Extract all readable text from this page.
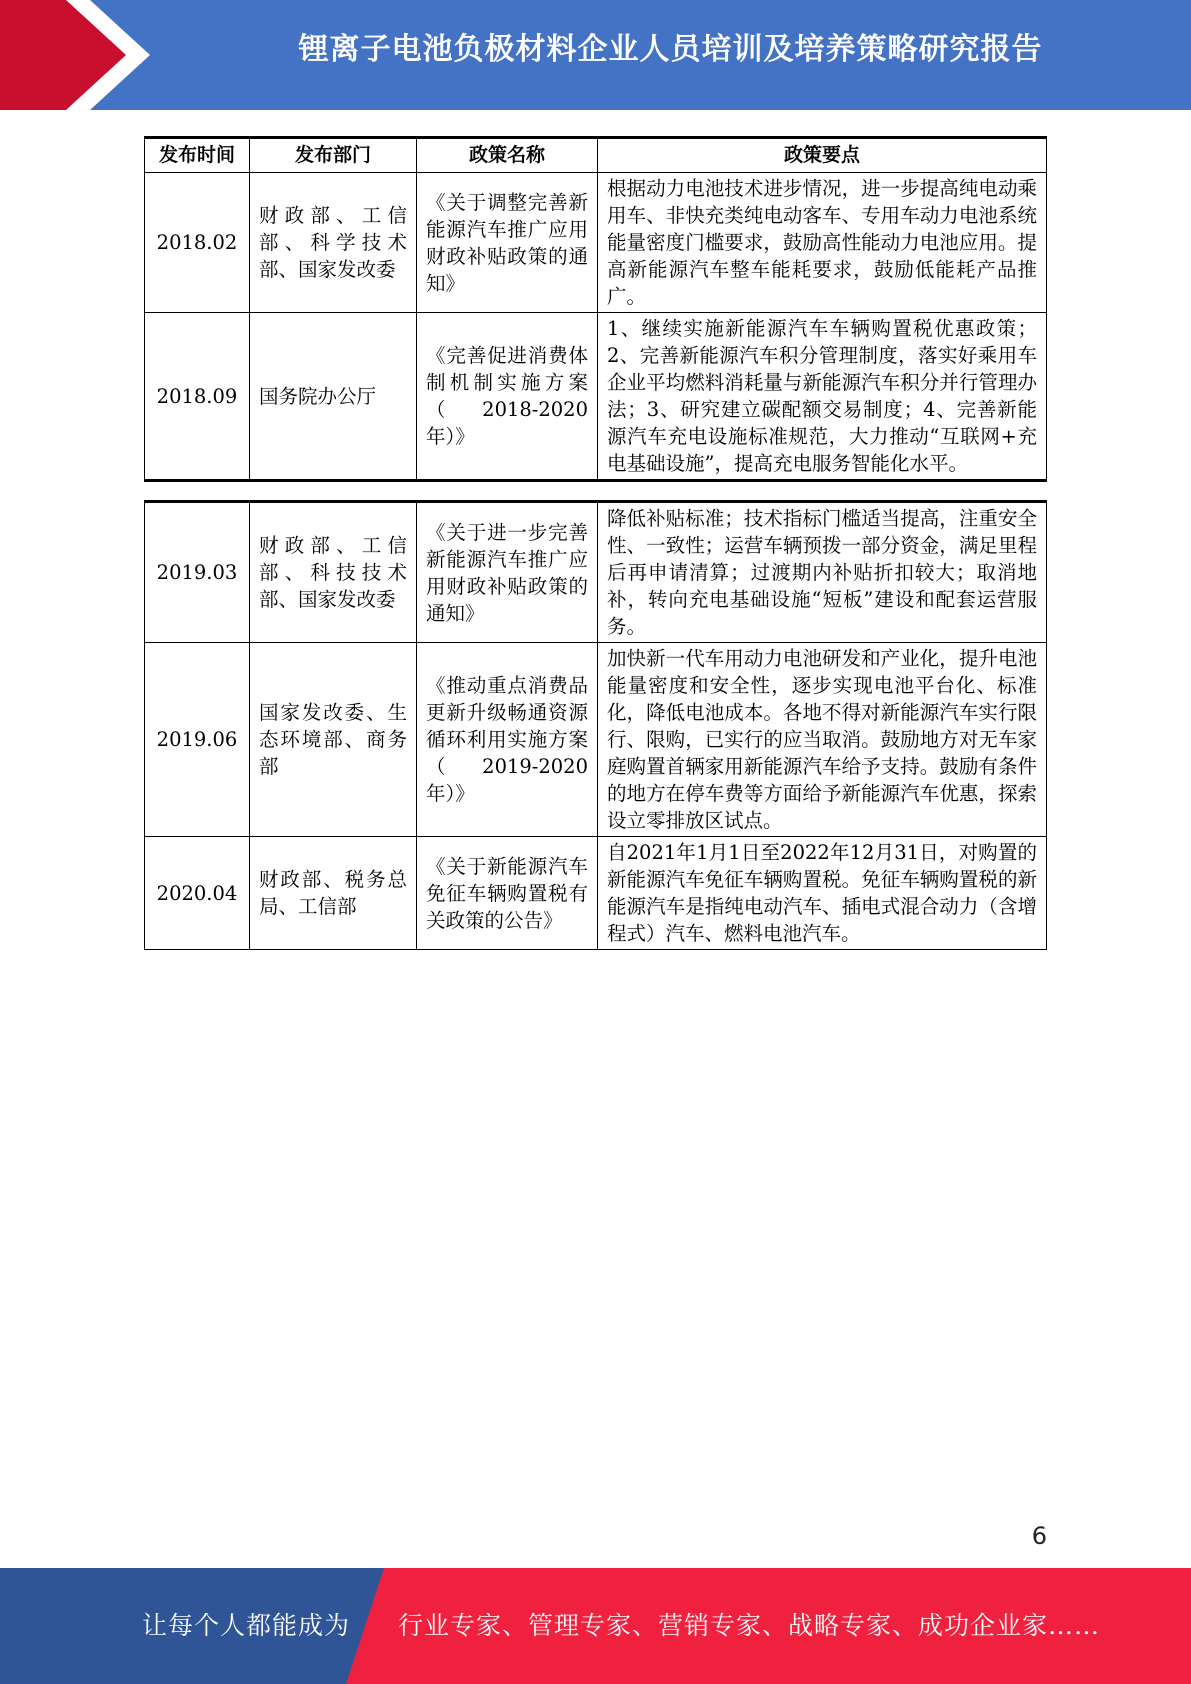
锂离子电池负极材料企业人员培训及培养策略研究报告
发布时间	发布部门	政策名称	政策要点
2018.02	财政部、工信部、科学技术部、国家发改委	《关于调整完善新能源汽车推广应用财政补贴政策的通知》	根据动力电池技术进步情况，进一步提高纯电动乘用车、非快充类纯电动客车、专用车动力电池系统能量密度门槛要求，鼓励高性能动力电池应用。提高新能源汽车整车能耗要求，鼓励低能耗产品推广。
2018.09	国务院办公厅	《完善促进消费体制机制实施方案（2018-2020年）》	1、继续实施新能源汽车车辆购置税优惠政策；2、完善新能源汽车积分管理制度，落实好乘用车企业平均燃料消耗量与新能源汽车积分并行管理办法；3、研究建立碳配额交易制度；4、完善新能源汽车充电设施标准规范，大力推动“互联网+充电基础设施”，提高充电服务智能化水平。
2019.03	财政部、工信部、科技技术部、国家发改委	《关于进一步完善新能源汽车推广应用财政补贴政策的通知》	降低补贴标准；技术指标门槛适当提高，注重安全性、一致性；运营车辆预拨一部分资金，满足里程后再申请清算；过渡期内补贴折扣较大；取消地补，转向充电基础设施“短板”建设和配套运营服务。
2019.06	国家发改委、生态环境部、商务部	《推动重点消费品更新升级畅通资源循环利用实施方案（2019-2020年）》	加快新一代车用动力电池研发和产业化，提升电池能量密度和安全性，逐步实现电池平台化、标准化，降低电池成本。各地不得对新能源汽车实行限行、限购，已实行的应当取消。鼓励地方对无车家庭购置首辆家用新能源汽车给予支持。鼓励有条件的地方在停车费等方面给予新能源汽车优惠，探索设立零排放区试点。
2020.04	财政部、税务总局、工信部	《关于新能源汽车免征车辆购置税有关政策的公告》	自2021年1月1日至2022年12月31日，对购置的新能源汽车免征车辆购置税。免征车辆购置税的新能源汽车是指纯电动汽车、插电式混合动力（含增程式）汽车、燃料电池汽车。
6
让每个人都能成为 行业专家、管理专家、营销专家、战略专家、成功企业家……
